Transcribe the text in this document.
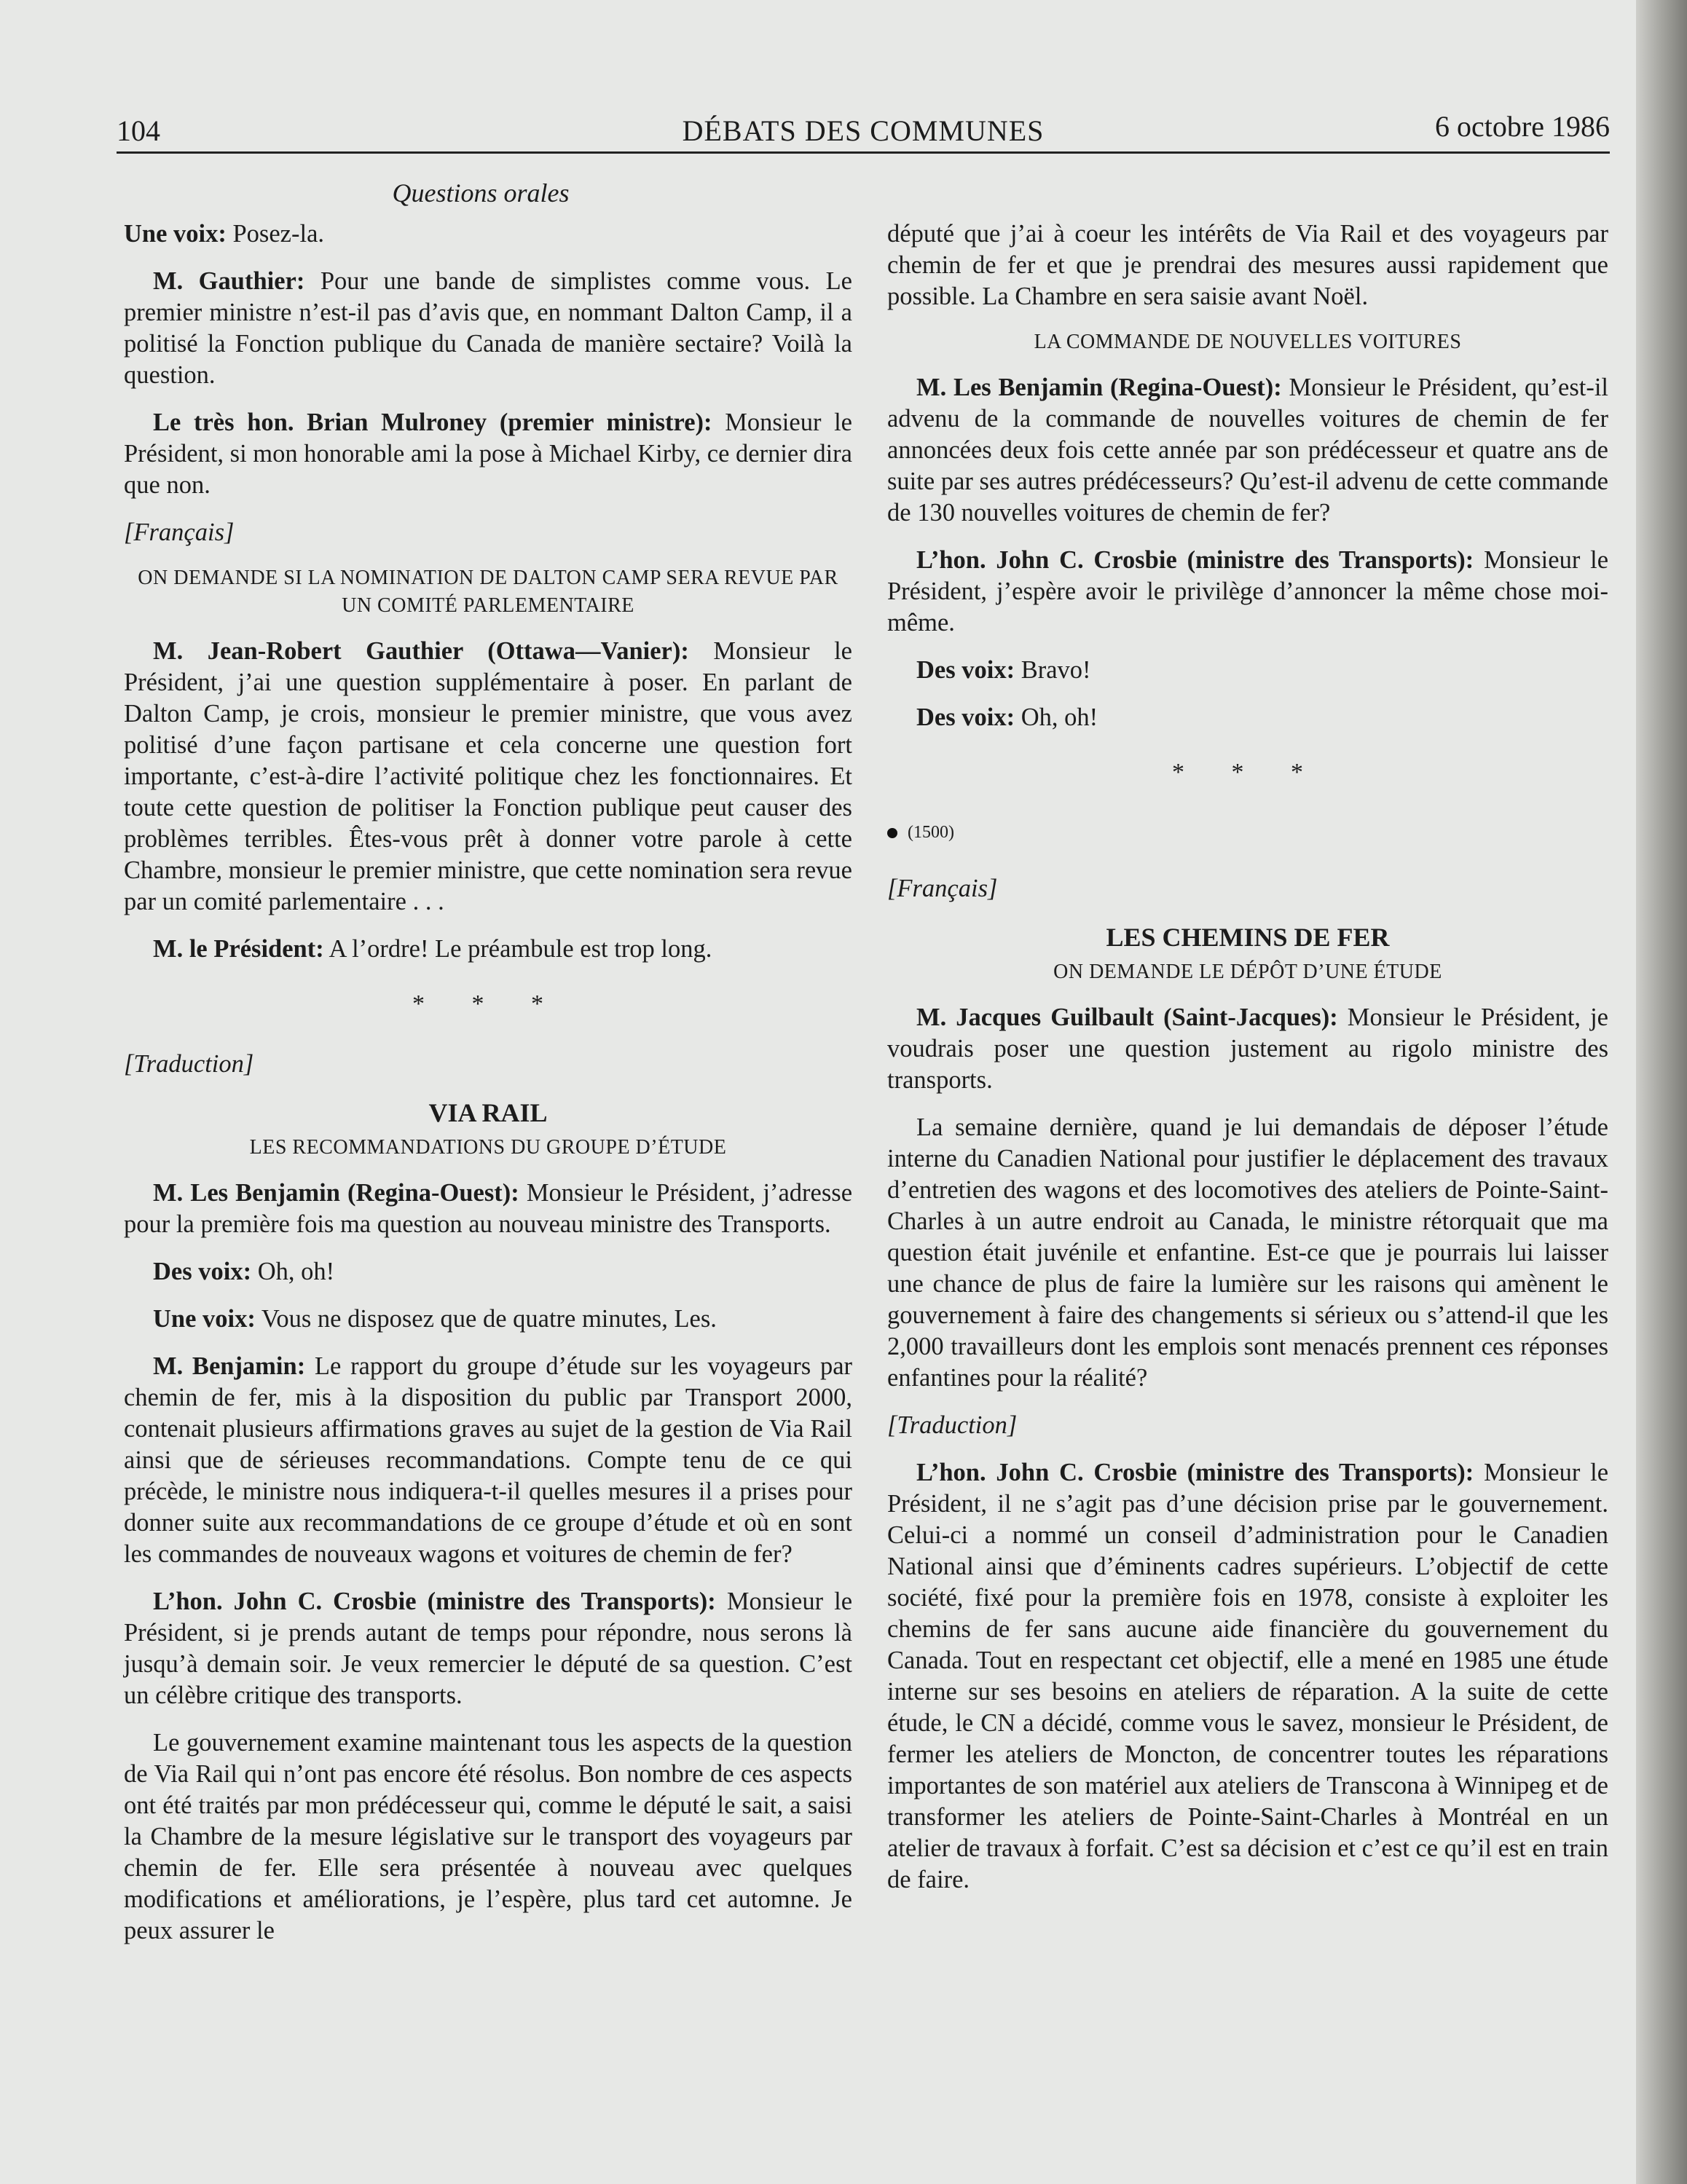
104	DÉBATS DES COMMUNES	6 octobre 1986
Questions orales

Une voix: Posez-la.

M. Gauthier: Pour une bande de simplistes comme vous. Le premier ministre n’est-il pas d’avis que, en nommant Dalton Camp, il a politisé la Fonction publique du Canada de manière sectaire? Voilà la question.

Le très hon. Brian Mulroney (premier ministre): Monsieur le Président, si mon honorable ami la pose à Michael Kirby, ce dernier dira que non.

[Français]

ON DEMANDE SI LA NOMINATION DE DALTON CAMP SERA REVUE PAR UN COMITÉ PARLEMENTAIRE

M. Jean-Robert Gauthier (Ottawa—Vanier): Monsieur le Président, j’ai une question supplémentaire à poser. En parlant de Dalton Camp, je crois, monsieur le premier ministre, que vous avez politisé d’une façon partisane et cela concerne une question fort importante, c’est-à-dire l’activité politique chez les fonctionnaires. Et toute cette question de politiser la Fonction publique peut causer des problèmes terribles. Êtes-vous prêt à donner votre parole à cette Chambre, monsieur le premier ministre, que cette nomination sera revue par un comité parlementaire . . .

M. le Président: A l’ordre! Le préambule est trop long.

* * *

[Traduction]

VIA RAIL

LES RECOMMANDATIONS DU GROUPE D’ÉTUDE

M. Les Benjamin (Regina-Ouest): Monsieur le Président, j’adresse pour la première fois ma question au nouveau ministre des Transports.

Des voix: Oh, oh!

Une voix: Vous ne disposez que de quatre minutes, Les.

M. Benjamin: Le rapport du groupe d’étude sur les voyageurs par chemin de fer, mis à la disposition du public par Transport 2000, contenait plusieurs affirmations graves au sujet de la gestion de Via Rail ainsi que de sérieuses recommandations. Compte tenu de ce qui précède, le ministre nous indiquera-t-il quelles mesures il a prises pour donner suite aux recommandations de ce groupe d’étude et où en sont les commandes de nouveaux wagons et voitures de chemin de fer?

L’hon. John C. Crosbie (ministre des Transports): Monsieur le Président, si je prends autant de temps pour répondre, nous serons là jusqu’à demain soir. Je veux remercier le député de sa question. C’est un célèbre critique des transports.

Le gouvernement examine maintenant tous les aspects de la question de Via Rail qui n’ont pas encore été résolus. Bon nombre de ces aspects ont été traités par mon prédécesseur qui, comme le député le sait, a saisi la Chambre de la mesure législative sur le transport des voyageurs par chemin de fer. Elle sera présentée à nouveau avec quelques modifications et améliorations, je l’espère, plus tard cet automne. Je peux assurer le

député que j’ai à coeur les intérêts de Via Rail et des voyageurs par chemin de fer et que je prendrai des mesures aussi rapidement que possible. La Chambre en sera saisie avant Noël.

LA COMMANDE DE NOUVELLES VOITURES

M. Les Benjamin (Regina-Ouest): Monsieur le Président, qu’est-il advenu de la commande de nouvelles voitures de chemin de fer annoncées deux fois cette année par son prédécesseur et quatre ans de suite par ses autres prédécesseurs? Qu’est-il advenu de cette commande de 130 nouvelles voitures de chemin de fer?

L’hon. John C. Crosbie (ministre des Transports): Monsieur le Président, j’espère avoir le privilège d’annoncer la même chose moi-même.

Des voix: Bravo!

Des voix: Oh, oh!

* * *
(1500)

[Français]

LES CHEMINS DE FER

ON DEMANDE LE DÉPÔT D’UNE ÉTUDE

M. Jacques Guilbault (Saint-Jacques): Monsieur le Président, je voudrais poser une question justement au rigolo ministre des transports.

La semaine dernière, quand je lui demandais de déposer l’étude interne du Canadien National pour justifier le déplacement des travaux d’entretien des wagons et des locomotives des ateliers de Pointe-Saint-Charles à un autre endroit au Canada, le ministre rétorquait que ma question était juvénile et enfantine. Est-ce que je pourrais lui laisser une chance de plus de faire la lumière sur les raisons qui amènent le gouvernement à faire des changements si sérieux ou s’attend-il que les 2,000 travailleurs dont les emplois sont menacés prennent ces réponses enfantines pour la réalité?

[Traduction]

L’hon. John C. Crosbie (ministre des Transports): Monsieur le Président, il ne s’agit pas d’une décision prise par le gouvernement. Celui-ci a nommé un conseil d’administration pour le Canadien National ainsi que d’éminents cadres supérieurs. L’objectif de cette société, fixé pour la première fois en 1978, consiste à exploiter les chemins de fer sans aucune aide financière du gouvernement du Canada. Tout en respectant cet objectif, elle a mené en 1985 une étude interne sur ses besoins en ateliers de réparation. A la suite de cette étude, le CN a décidé, comme vous le savez, monsieur le Président, de fermer les ateliers de Moncton, de concentrer toutes les réparations importantes de son matériel aux ateliers de Transcona à Winnipeg et de transformer les ateliers de Pointe-Saint-Charles à Montréal en un atelier de travaux à forfait. C’est sa décision et c’est ce qu’il est en train de faire.
